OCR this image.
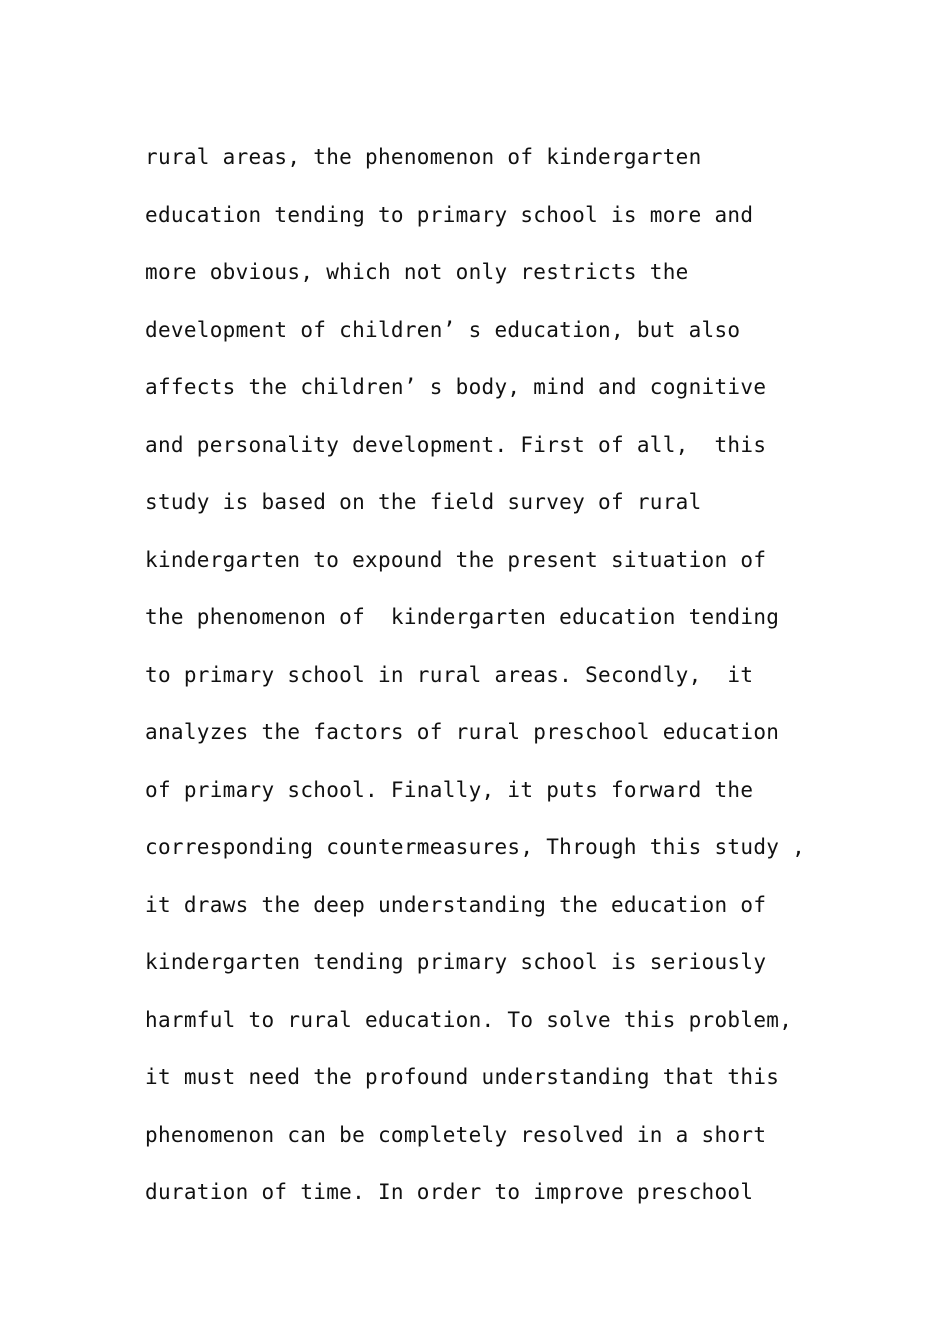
rural areas, the phenomenon of kindergarten
education tending to primary school is more and
more obvious, which not only restricts the
development of children’ s education, but also
affects the children’ s body, mind and cognitive
and personality development. First of all,  this
study is based on the field survey of rural
kindergarten to expound the present situation of
the phenomenon of  kindergarten education tending
to primary school in rural areas. Secondly,  it
analyzes the factors of rural preschool education
of primary school. Finally, it puts forward the
corresponding countermeasures, Through this study ,
it draws the deep understanding the education of
kindergarten tending primary school is seriously
harmful to rural education. To solve this problem,
it must need the profound understanding that this
phenomenon can be completely resolved in a short
duration of time. In order to improve preschool
